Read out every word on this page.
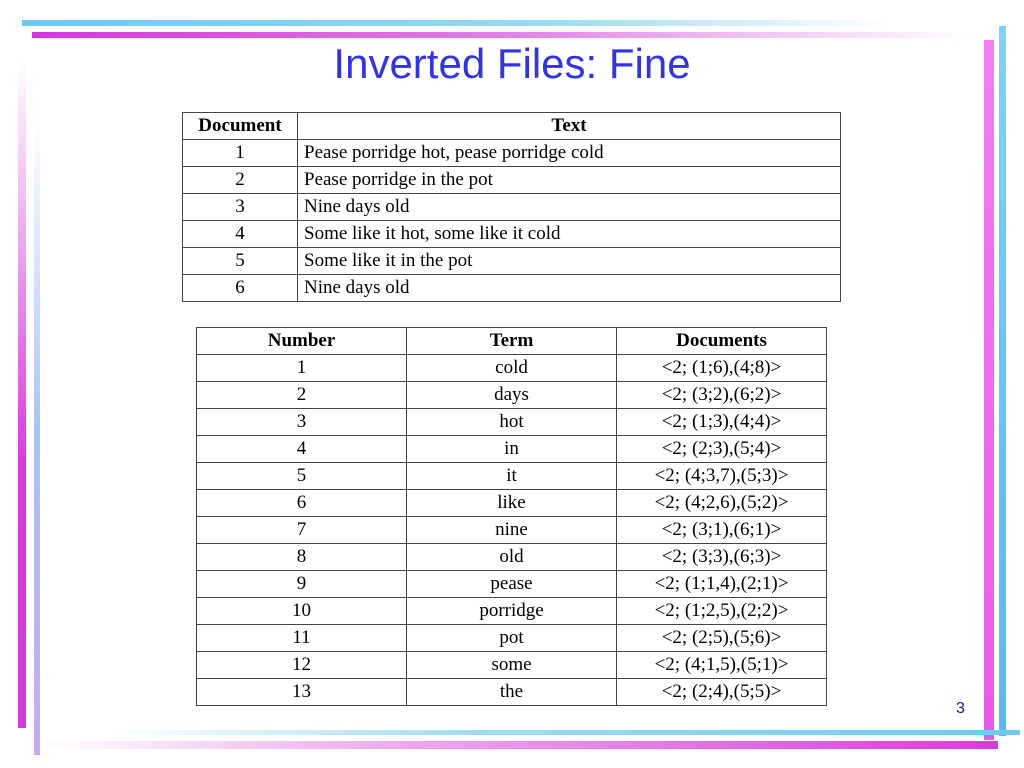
Inverted Files: Fine
Document	Text
1	Pease porridge hot, pease porridge cold
2	Pease porridge in the pot
3	Nine days old
4	Some like it hot, some like it cold
5	Some like it in the pot
6	Nine days old
Number	Term	Documents
1	cold	<2; (1;6),(4;8)>
2	days	<2; (3;2),(6;2)>
3	hot	<2; (1;3),(4;4)>
4	in	<2; (2;3),(5;4)>
5	it	<2; (4;3,7),(5;3)>
6	like	<2; (4;2,6),(5;2)>
7	nine	<2; (3;1),(6;1)>
8	old	<2; (3;3),(6;3)>
9	pease	<2; (1;1,4),(2;1)>
10	porridge	<2; (1;2,5),(2;2)>
11	pot	<2; (2;5),(5;6)>
12	some	<2; (4;1,5),(5;1)>
13	the	<2; (2;4),(5;5)>
3
